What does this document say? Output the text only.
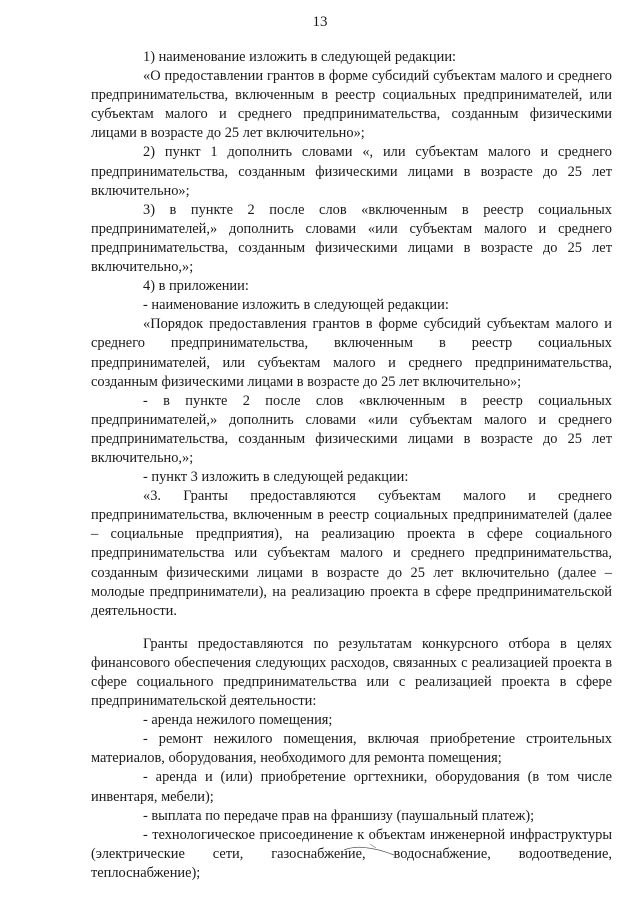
13

1) наименование изложить в следующей редакции:

«О предоставлении грантов в форме субсидий субъектам малого и среднего предпринимательства, включенным в реестр социальных предпринимателей, или субъектам малого и среднего предпринимательства, созданным физическими лицами в возрасте до 25 лет включительно»;

2) пункт 1 дополнить словами «, или субъектам малого и среднего предпринимательства, созданным физическими лицами в возрасте до 25 лет включительно»;

3) в пункте 2 после слов «включенным в реестр социальных предпринимателей,» дополнить словами «или субъектам малого и среднего предпринимательства, созданным физическими лицами в возрасте до 25 лет включительно,»;

4) в приложении:

- наименование изложить в следующей редакции:

«Порядок предоставления грантов в форме субсидий субъектам малого и среднего предпринимательства, включенным в реестр социальных предпринимателей, или субъектам малого и среднего предпринимательства, созданным физическими лицами в возрасте до 25 лет включительно»;

- в пункте 2 после слов «включенным в реестр социальных предпринимателей,» дополнить словами «или субъектам малого и среднего предпринимательства, созданным физическими лицами в возрасте до 25 лет включительно,»;

- пункт 3 изложить в следующей редакции:

«3. Гранты предоставляются субъектам малого и среднего предпринимательства, включенным в реестр социальных предпринимателей (далее – социальные предприятия), на реализацию проекта в сфере социального предпринимательства или субъектам малого и среднего предпринимательства, созданным физическими лицами в возрасте до 25 лет включительно (далее – молодые предприниматели), на реализацию проекта в сфере предпринимательской деятельности.

Гранты предоставляются по результатам конкурсного отбора в целях финансового обеспечения следующих расходов, связанных с реализацией проекта в сфере социального предпринимательства или с реализацией проекта в сфере предпринимательской деятельности:

- аренда нежилого помещения;

- ремонт нежилого помещения, включая приобретение строительных материалов, оборудования, необходимого для ремонта помещения;

- аренда и (или) приобретение оргтехники, оборудования (в том числе инвентаря, мебели);

- выплата по передаче прав на франшизу (паушальный платеж);

- технологическое присоединение к объектам инженерной инфраструктуры (электрические сети, газоснабжение, водоснабжение, водоотведение, теплоснабжение);
